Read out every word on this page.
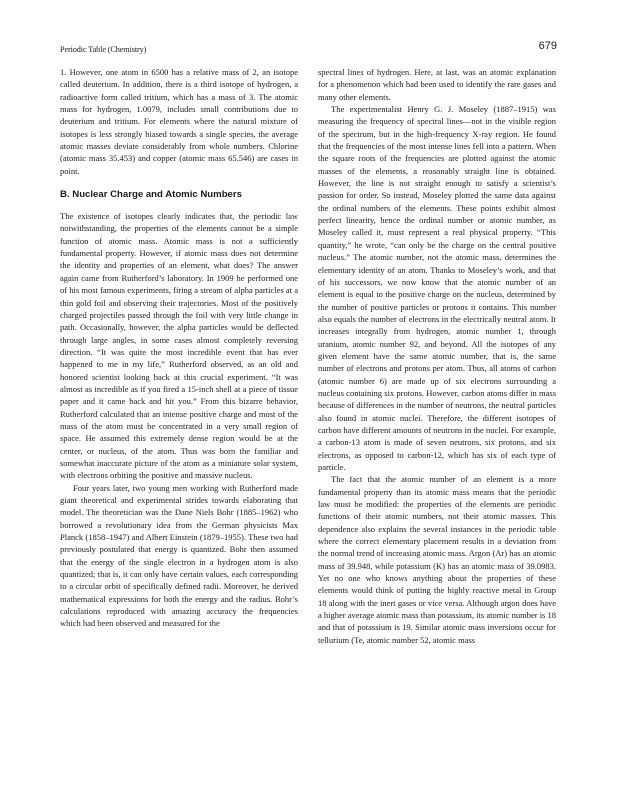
Periodic Table (Chemistry)	679

1. However, one atom in 6500 has a relative mass of 2, an isotope called deuterium. In addition, there is a third isotope of hydrogen, a radioactive form called tritium, which has a mass of 3. The atomic mass for hydrogen, 1.0079, includes small contributions due to deuterium and tritium. For elements where the natural mixture of isotopes is less strongly biased towards a single species, the average atomic masses deviate considerably from whole numbers. Chlorine (atomic mass 35.453) and copper (atomic mass 65.546) are cases in point.

B. Nuclear Charge and Atomic Numbers

The existence of isotopes clearly indicates that, the periodic law notwithstanding, the properties of the elements cannot be a simple function of atomic mass. Atomic mass is not a sufficiently fundamental property. However, if atomic mass does not determine the identity and properties of an element, what does? The answer again came from Rutherford’s laboratory. In 1909 he performed one of his most famous experiments, firing a stream of alpha particles at a thin gold foil and observing their trajectories. Most of the positively charged projectiles passed through the foil with very little change in path. Occasionally, however, the alpha particles would be deflected through large angles, in some cases almost completely reversing direction. “It was quite the most incredible event that has ever happened to me in my life,” Rutherford observed, as an old and honored scientist looking back at this crucial experiment. “It was almost as incredible as if you fired a 15-inch shell at a piece of tissue paper and it came back and hit you.” From this bizarre behavior, Rutherford calculated that an intense positive charge and most of the mass of the atom must be concentrated in a very small region of space. He assumed this extremely dense region would be at the center, or nucleus, of the atom. Thus was born the familiar and somewhat inaccurate picture of the atom as a miniature solar system, with electrons orbiting the positive and massive nucleus.

Four years later, two young men working with Rutherford made giant theoretical and experimental strides towards elaborating that model. The theoretician was the Dane Niels Bohr (1885–1962) who borrowed a revolutionary idea from the German physicists Max Planck (1858–1947) and Albert Einstein (1879–1955). These two had previously postulated that energy is quantized. Bohr then assumed that the energy of the single electron in a hydrogen atom is also quantized; that is, it can only have certain values, each corresponding to a circular orbit of specifically defined radii. Moreover, he derived mathematical expressions for both the energy and the radius. Bohr’s calculations reproduced with amazing accuracy the frequencies which had been observed and measured for the

spectral lines of hydrogen. Here, at last, was an atomic explanation for a phenomenon which had been used to identify the rare gases and many other elements.

The experimentalist Henry G. J. Moseley (1887–1915) was measuring the frequency of spectral lines—not in the visible region of the spectrum, but in the high-frequency X-ray region. He found that the frequencies of the most intense lines fell into a pattern. When the square roots of the frequencies are plotted against the atomic masses of the elements, a reasonably straight line is obtained. However, the line is not straight enough to satisfy a scientist’s passion for order. So instead, Moseley plotted the same data against the ordinal numbers of the elements. These points exhibit almost perfect linearity, hence the ordinal number or atomic number, as Moseley called it, must represent a real physical property. “This quantity,” he wrote, “can only be the charge on the central positive nucleus.” The atomic number, not the atomic mass, determines the elementary identity of an atom. Thanks to Moseley’s work, and that of his successors, we now know that the atomic number of an element is equal to the positive charge on the nucleus, determined by the number of positive particles or protons it contains. This number also equals the number of electrons in the electrically neutral atom. It increases integrally from hydrogen, atomic number 1, through uranium, atomic number 92, and beyond. All the isotopes of any given element have the same atomic number, that is, the same number of electrons and protons per atom. Thus, all atoms of carbon (atomic number 6) are made up of six electrons surrounding a nucleus containing six protons. However, carbon atoms differ in mass because of differences in the number of neutrons, the neutral particles also found in atomic nuclei. Therefore, the different isotopes of carbon have different amounts of neutrons in the nuclei. For example, a carbon-13 atom is made of seven neutrons, six protons, and six electrons, as opposed to carbon-12, which has six of each type of particle.

The fact that the atomic number of an element is a more fundamental property than its atomic mass means that the periodic law must be modified: the properties of the elements are periodic functions of their atomic numbers, not their atomic masses. This dependence also explains the several instances in the periodic table where the correct elementary placement results in a deviation from the normal trend of increasing atomic mass. Argon (Ar) has an atomic mass of 39.948, while potassium (K) has an atomic mass of 39.0983. Yet no one who knows anything about the properties of these elements would think of putting the highly reactive metal in Group 18 along with the inert gases or vice versa. Although argon does have a higher average atomic mass than potassium, its atomic number is 18 and that of potassium is 19. Similar atomic mass inversions occur for tellurium (Te, atomic number 52, atomic mass
